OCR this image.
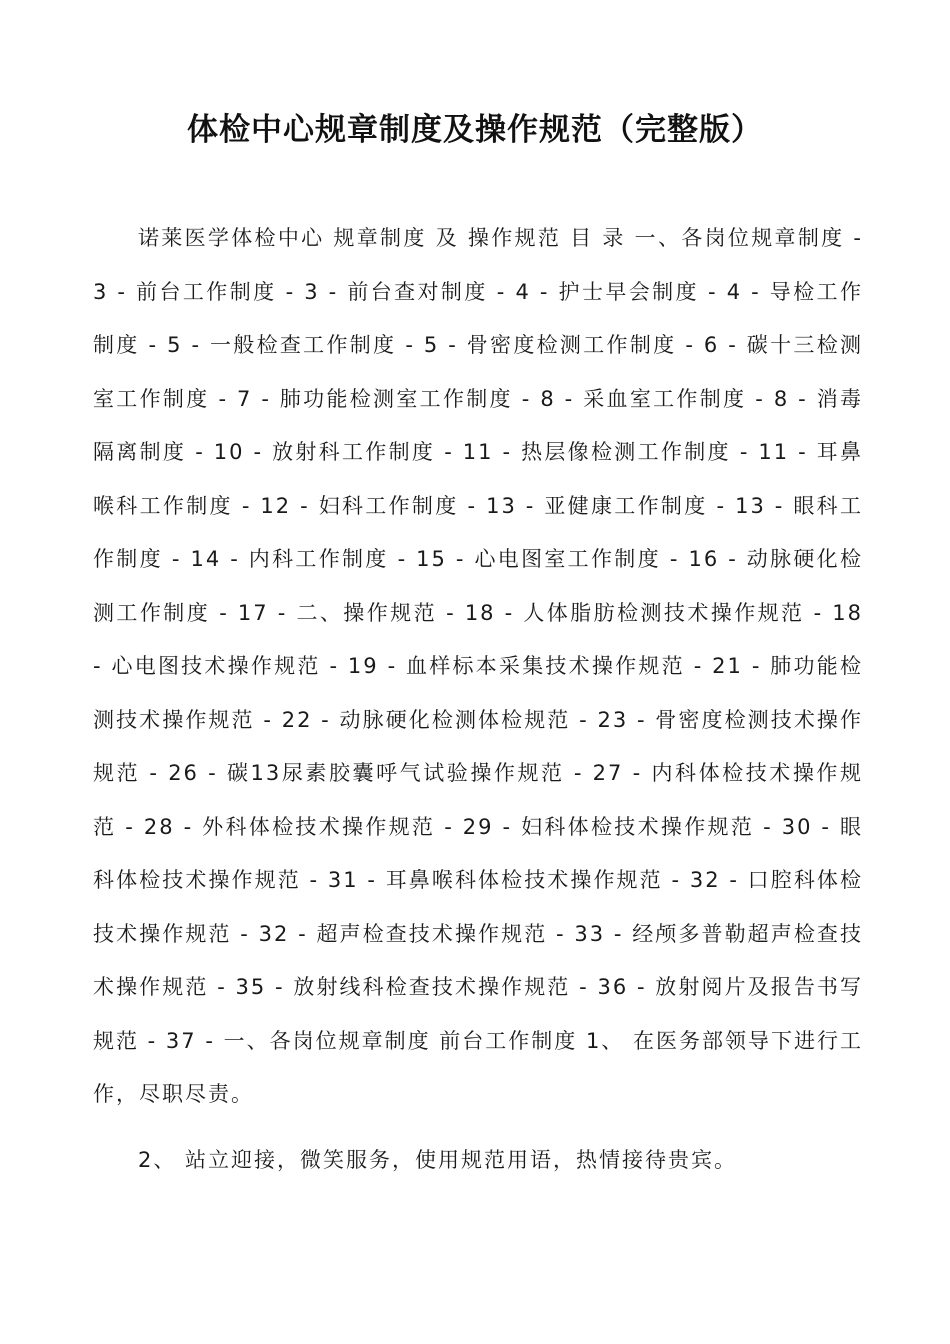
体检中心规章制度及操作规范（完整版）

诺莱医学体检中心 规章制度 及 操作规范 目 录 一、各岗位规章制度 - 3 - 前台工作制度 - 3 - 前台查对制度 - 4 - 护士早会制度 - 4 - 导检工作制度 - 5 - 一般检查工作制度 - 5 - 骨密度检测工作制度 - 6 - 碳十三检测室工作制度 - 7 - 肺功能检测室工作制度 - 8 - 采血室工作制度 - 8 - 消毒隔离制度 - 10 - 放射科工作制度 - 11 - 热层像检测工作制度 - 11 - 耳鼻喉科工作制度 - 12 - 妇科工作制度 - 13 - 亚健康工作制度 - 13 - 眼科工作制度 - 14 - 内科工作制度 - 15 - 心电图室工作制度 - 16 - 动脉硬化检测工作制度 - 17 - 二、操作规范 - 18 - 人体脂肪检测技术操作规范 - 18 - 心电图技术操作规范 - 19 - 血样标本采集技术操作规范 - 21 - 肺功能检测技术操作规范 - 22 - 动脉硬化检测体检规范 - 23 - 骨密度检测技术操作规范 - 26 - 碳13尿素胶囊呼气试验操作规范 - 27 - 内科体检技术操作规范 - 28 - 外科体检技术操作规范 - 29 - 妇科体检技术操作规范 - 30 - 眼科体检技术操作规范 - 31 - 耳鼻喉科体检技术操作规范 - 32 - 口腔科体检技术操作规范 - 32 - 超声检查技术操作规范 - 33 - 经颅多普勒超声检查技术操作规范 - 35 - 放射线科检查技术操作规范 - 36 - 放射阅片及报告书写规范 - 37 - 一、各岗位规章制度 前台工作制度 1、 在医务部领导下进行工作，尽职尽责。

2、 站立迎接，微笑服务，使用规范用语，热情接待贵宾。
